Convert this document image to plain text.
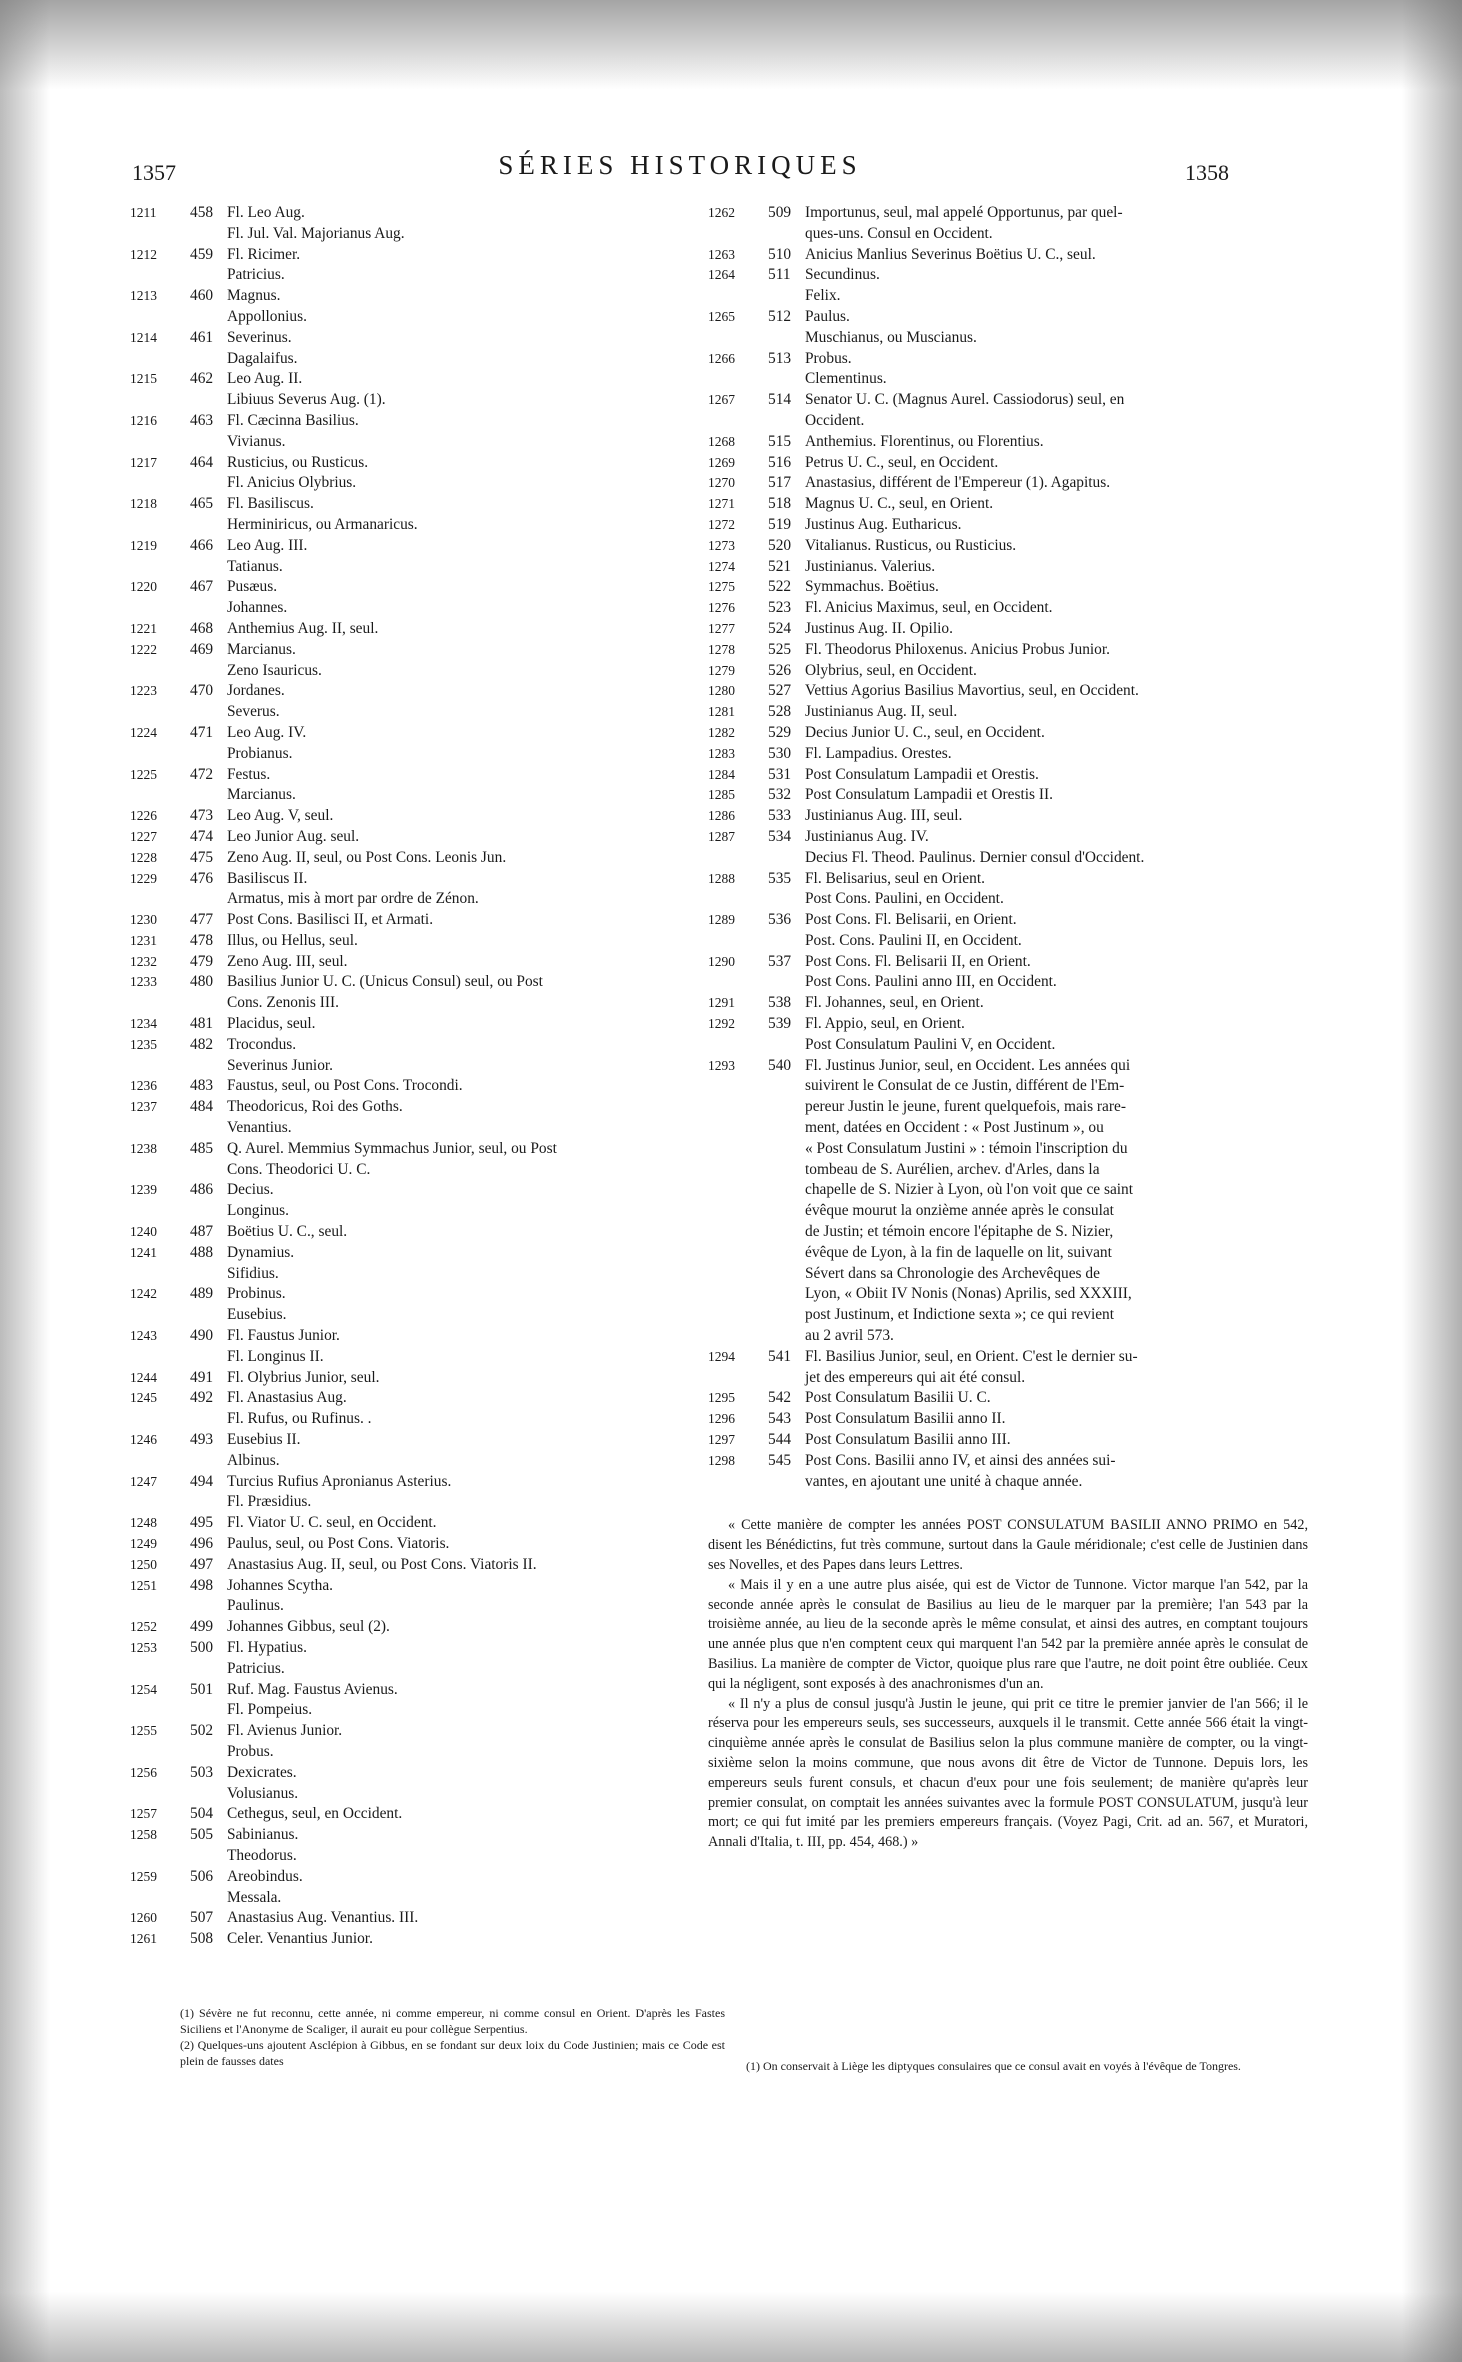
1357	SÉRIES HISTORIQUES	1358
1211	458 Fl. Leo Aug.
Fl. Jul. Val. Majorianus Aug.
1212	459 Fl. Ricimer.
Patricius.
1213	460 Magnus.
Appollonius.
1214	461 Severinus.
Dagalaifus.
1215	462 Leo Aug. II.
Libiuus Severus Aug. (1).
1216	463 Fl. Cæcinna Basilius.
Vivianus.
1217	464 Rusticius, ou Rusticus.
Fl. Anicius Olybrius.
1218	465 Fl. Basiliscus.
Herminiricus, ou Armanaricus.
1219	466 Leo Aug. III.
Tatianus.
1220	467 Pusæus.
Johannes.
1221	468 Anthemius Aug. II, seul.
1222	469 Marcianus.
Zeno Isauricus.
1223	470 Jordanes.
Severus.
1224	471 Leo Aug. IV.
Probianus.
1225	472 Festus.
Marcianus.
1226	473 Leo Aug. V, seul.
1227	474 Leo Junior Aug. seul.
1228	475 Zeno Aug. II, seul, ou Post Cons. Leonis Jun.
1229	476 Basiliscus II.
Armatus, mis à mort par ordre de Zénon.
1230	477 Post Cons. Basilisci II, et Armati.
1231	478 Illus, ou Hellus, seul.
1232	479 Zeno Aug. III, seul.
1233	480 Basilius Junior U. C. (Unicus Consul) seul, ou Post
Cons. Zenonis III.
1234	481 Placidus, seul.
1235	482 Trocondus.
Severinus Junior.
1236	483 Faustus, seul, ou Post Cons. Trocondi.
1237	484 Theodoricus, Roi des Goths.
Venantius.
1238	485 Q. Aurel. Memmius Symmachus Junior, seul, ou Post
Cons. Theodorici U. C.
1239	486 Decius.
Longinus.
1240	487 Boëtius U. C., seul.
1241	488 Dynamius.
Sifidius.
1242	489 Probinus.
Eusebius.
1243	490 Fl. Faustus Junior.
Fl. Longinus II.
1244	491 Fl. Olybrius Junior, seul.
1245	492 Fl. Anastasius Aug.
Fl. Rufus, ou Rufinus. .
1246	493 Eusebius II.
Albinus.
1247	494 Turcius Rufius Apronianus Asterius.
Fl. Præsidius.
1248	495 Fl. Viator U. C. seul, en Occident.
1249	496 Paulus, seul, ou Post Cons. Viatoris.
1250	497 Anastasius Aug. II, seul, ou Post Cons. Viatoris II.
1251	498 Johannes Scytha.
Paulinus.
1252	499 Johannes Gibbus, seul (2).
1253	500 Fl. Hypatius.
Patricius.
1254	501 Ruf. Mag. Faustus Avienus.
Fl. Pompeius.
1255	502 Fl. Avienus Junior.
Probus.
1256	503 Dexicrates.
Volusianus.
1257	504 Cethegus, seul, en Occident.
1258	505 Sabinianus.
Theodorus.
1259	506 Areobindus.
Messala.
1260	507 Anastasius Aug. Venantius. III.
1261	508 Celer. Venantius Junior.
1262	509 Importunus, seul, mal appelé Opportunus, par quel-
ques-uns. Consul en Occident.
1263	510 Anicius Manlius Severinus Boëtius U. C., seul.
1264	511 Secundinus.
Felix.
1265	512 Paulus.
Muschianus, ou Muscianus.
1266	513 Probus.
Clementinus.
1267	514 Senator U. C. (Magnus Aurel. Cassiodorus) seul, en
Occident.
1268	515 Anthemius. Florentinus, ou Florentius.
1269	516 Petrus U. C., seul, en Occident.
1270	517 Anastasius, différent de l'Empereur (1). Agapitus.
1271	518 Magnus U. C., seul, en Orient.
1272	519 Justinus Aug. Eutharicus.
1273	520 Vitalianus. Rusticus, ou Rusticius.
1274	521 Justinianus. Valerius.
1275	522 Symmachus. Boëtius.
1276	523 Fl. Anicius Maximus, seul, en Occident.
1277	524 Justinus Aug. II. Opilio.
1278	525 Fl. Theodorus Philoxenus. Anicius Probus Junior.
1279	526 Olybrius, seul, en Occident.
1280	527 Vettius Agorius Basilius Mavortius, seul, en Occident.
1281	528 Justinianus Aug. II, seul.
1282	529 Decius Junior U. C., seul, en Occident.
1283	530 Fl. Lampadius. Orestes.
1284	531 Post Consulatum Lampadii et Orestis.
1285	532 Post Consulatum Lampadii et Orestis II.
1286	533 Justinianus Aug. III, seul.
1287	534 Justinianus Aug. IV.
Decius Fl. Theod. Paulinus. Dernier consul d'Occident.
1288	535 Fl. Belisarius, seul en Orient.
Post Cons. Paulini, en Occident.
1289	536 Post Cons. Fl. Belisarii, en Orient.
Post. Cons. Paulini II, en Occident.
1290	537 Post Cons. Fl. Belisarii II, en Orient.
Post Cons. Paulini anno III, en Occident.
1291	538 Fl. Johannes, seul, en Orient.
1292	539 Fl. Appio, seul, en Orient.
Post Consulatum Paulini V, en Occident.
1293	540 Fl. Justinus Junior, seul, en Occident. Les années qui
suivirent le Consulat de ce Justin, différent de l'Em-
pereur Justin le jeune, furent quelquefois, mais rare-
ment, datées en Occident : « Post Justinum », ou
« Post Consulatum Justini » : témoin l'inscription du
tombeau de S. Aurélien, archev. d'Arles, dans la
chapelle de S. Nizier à Lyon, où l'on voit que ce saint
évêque mourut la onzième année après le consulat
de Justin; et témoin encore l'épitaphe de S. Nizier,
évêque de Lyon, à la fin de laquelle on lit, suivant
Sévert dans sa Chronologie des Archevêques de
Lyon, « Obiit IV Nonis (Nonas) Aprilis, sed XXXIII,
post Justinum, et Indictione sexta »; ce qui revient
au 2 avril 573.
1294	541 Fl. Basilius Junior, seul, en Orient. C'est le dernier su-
jet des empereurs qui ait été consul.
1295	542 Post Consulatum Basilii U. C.
1296	543 Post Consulatum Basilii anno II.
1297	544 Post Consulatum Basilii anno III.
1298	545 Post Cons. Basilii anno IV, et ainsi des années sui-
vantes, en ajoutant une unité à chaque année.

« Cette manière de compter les années POST CONSULATUM BASILII ANNO PRIMO en 542, disent les Bénédictins, fut très commune, surtout dans la Gaule méridionale; c'est celle de Justinien dans ses Novelles, et des Papes dans leurs Lettres.

« Mais il y en a une autre plus aisée, qui est de Victor de Tunnone. Victor marque l'an 542, par la seconde année après le consulat de Basilius au lieu de le marquer par la première; l'an 543 par la troisième année, au lieu de la seconde après le même consulat, et ainsi des autres, en comptant toujours une année plus que n'en comptent ceux qui marquent l'an 542 par la première année après le consulat de Basilius. La manière de compter de Victor, quoique plus rare que l'autre, ne doit point être oubliée. Ceux qui la négligent, sont exposés à des anachronismes d'un an.

« Il n'y a plus de consul jusqu'à Justin le jeune, qui prit ce titre le premier janvier de l'an 566; il le réserva pour les empereurs seuls, ses successeurs, auxquels il le transmit. Cette année 566 était la vingt-cinquième année après le consulat de Basilius selon la plus commune manière de compter, ou la vingt-sixième selon la moins commune, que nous avons dit être de Victor de Tunnone. Depuis lors, les empereurs seuls furent consuls, et chacun d'eux pour une fois seulement; de manière qu'après leur premier consulat, on comptait les années suivantes avec la formule POST CONSULATUM, jusqu'à leur mort; ce qui fut imité par les premiers empereurs français. (Voyez Pagi, Crit. ad an. 567, et Muratori, Annali d'Italia, t. III, pp. 454, 468.) »

(1) Sévère ne fut reconnu, cette année, ni comme empereur, ni comme consul en Orient. D'après les Fastes Siciliens et l'Anonyme de Scaliger, il aurait eu pour collègue Serpentius.
(2) Quelques-uns ajoutent Asclépion à Gibbus, en se fondant sur deux loix du Code Justinien; mais ce Code est plein de fausses dates	(1) On conservait à Liège les diptyques consulaires que ce consul avait en voyés à l'évêque de Tongres.
